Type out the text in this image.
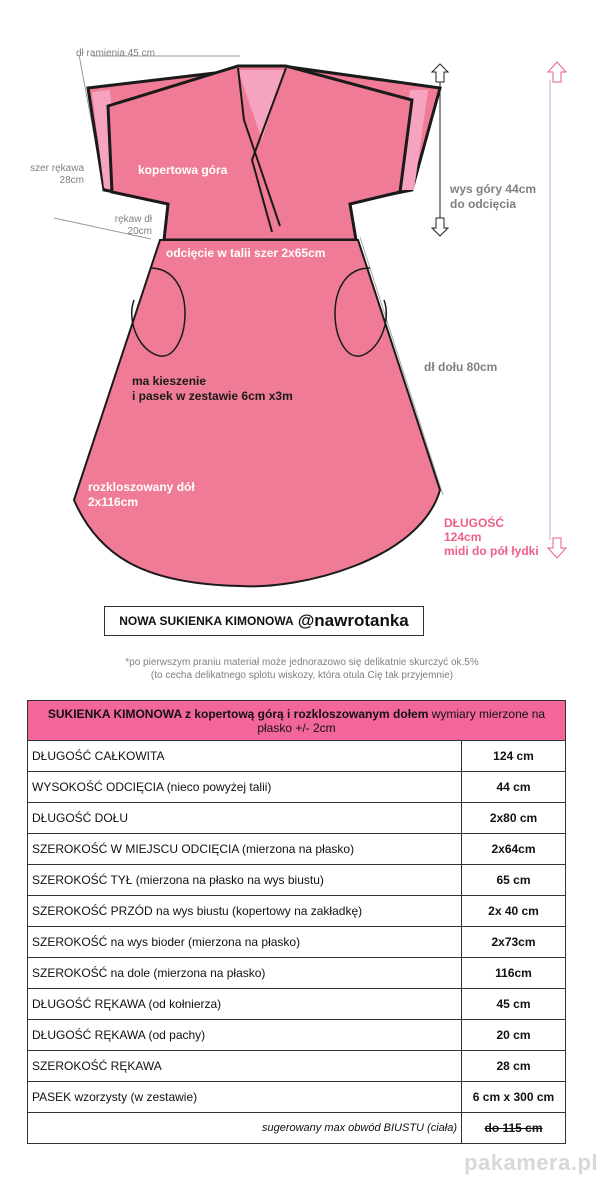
dł ramienia 45 cm
szer rękawa
28cm
rękaw dł
20cm
wys góry 44cm
do odcięcia
kopertowa góra
odcięcie w talii szer 2x65cm
dł dołu 80cm
ma kieszenie
i pasek w zestawie 6cm x3m
rozkloszowany dół
2x116cm
DŁUGOŚĆ
124cm
midi do pół łydki
NOWA SUKIENKA KIMONOWA @nawrotanka
*po pierwszym praniu materiał może jednorazowo się delikatnie skurczyć ok.5%
(to cecha delikatnego splotu wiskozy, która otula Cię tak przyjemnie)
SUKIENKA KIMONOWA z kopertową górą i rozkloszowanym dołem wymiary mierzone na płasko +/- 2cm	
DŁUGOŚĆ CAŁKOWITA	124 cm
WYSOKOŚĆ ODCIĘCIA (nieco powyżej talii)	44 cm
DŁUGOŚĆ DOŁU	2x80 cm
SZEROKOŚĆ W MIEJSCU ODCIĘCIA (mierzona na płasko)	2x64cm
SZEROKOŚĆ TYŁ (mierzona na płasko na wys biustu)	65 cm
SZEROKOŚĆ PRZÓD na wys biustu (kopertowy na zakładkę)	2x 40 cm
SZEROKOŚĆ na wys bioder (mierzona na płasko)	2x73cm
SZEROKOŚĆ na dole (mierzona na płasko)	116cm
DŁUGOŚĆ RĘKAWA (od kołnierza)	45 cm
DŁUGOŚĆ RĘKAWA (od pachy)	20 cm
SZEROKOŚĆ RĘKAWA	28 cm
PASEK wzorzysty (w zestawie)	6 cm x 300 cm
sugerowany max obwód BIUSTU (ciała)	do 115 cm
pakamera.pl
